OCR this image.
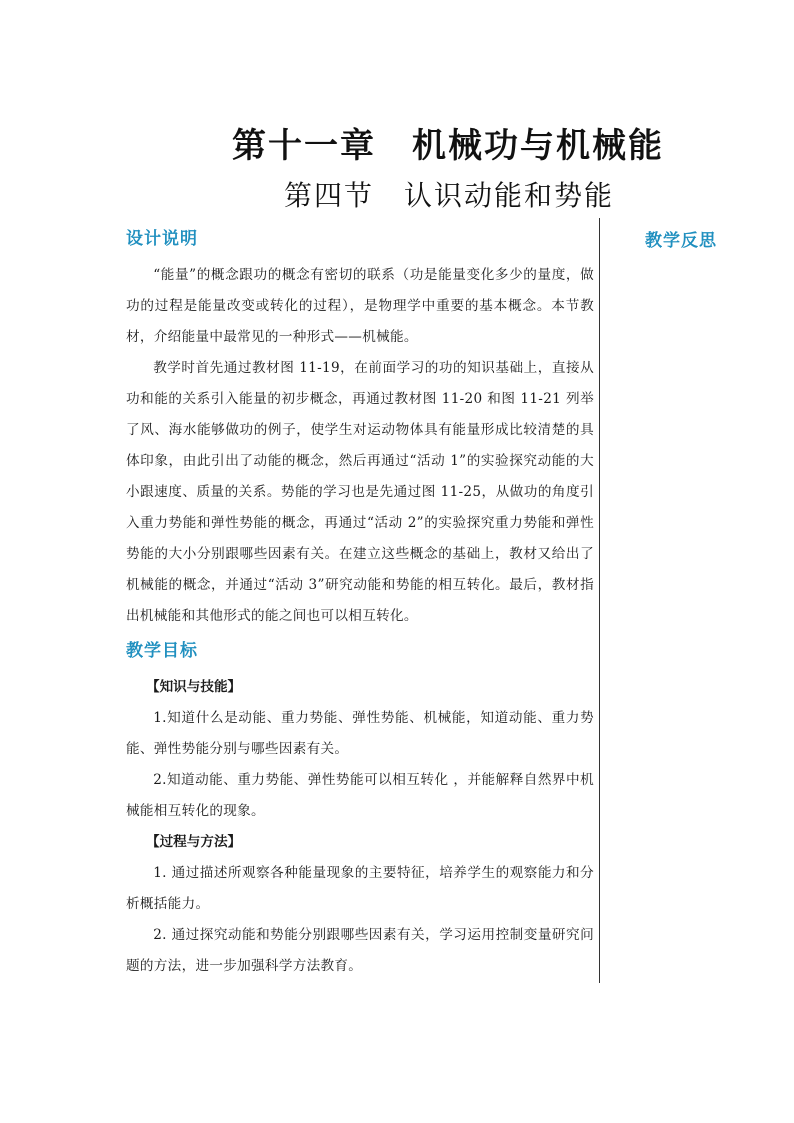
第十一章　机械功与机械能
第四节　认识动能和势能
教学反思
设计说明

“能量”的概念跟功的概念有密切的联系（功是能量变化多少的量度，做功的过程是能量改变或转化的过程），是物理学中重要的基本概念。本节教材，介绍能量中最常见的一种形式——机械能。

教学时首先通过教材图 11-19，在前面学习的功的知识基础上，直接从功和能的关系引入能量的初步概念，再通过教材图 11-20 和图 11-21 列举了风、海水能够做功的例子，使学生对运动物体具有能量形成比较清楚的具体印象，由此引出了动能的概念，然后再通过“活动 1”的实验探究动能的大小跟速度、质量的关系。势能的学习也是先通过图 11-25，从做功的角度引入重力势能和弹性势能的概念，再通过“活动 2”的实验探究重力势能和弹性势能的大小分别跟哪些因素有关。在建立这些概念的基础上，教材又给出了机械能的概念，并通过“活动 3”研究动能和势能的相互转化。最后，教材指出机械能和其他形式的能之间也可以相互转化。

教学目标

【知识与技能】

1.知道什么是动能、重力势能、弹性势能、机械能，知道动能、重力势能、弹性势能分别与哪些因素有关。

2.知道动能、重力势能、弹性势能可以相互转化 ，并能解释自然界中机械能相互转化的现象。

【过程与方法】

1. 通过描述所观察各种能量现象的主要特征，培养学生的观察能力和分析概括能力。

2. 通过探究动能和势能分别跟哪些因素有关，学习运用控制变量研究问题的方法，进一步加强科学方法教育。
